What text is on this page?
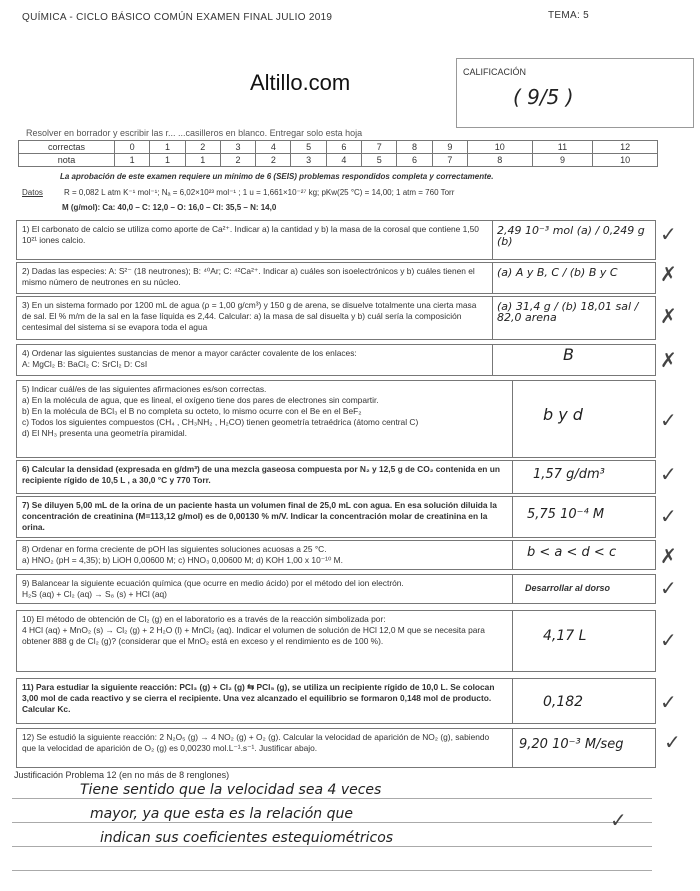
QUÍMICA - CICLO BÁSICO COMÚN EXAMEN FINAL JULIO 2019	TEMA: 5
Altillo.com	CALIFICACIÓN
( 9/5 )
Resolver en borrador y escribir las r... ...casilleros en blanco. Entregar solo esta hoja
correctas	0	1	2	3	4	5	6	7	8	9	10	11	12
nota	1	1	1	2	2	3	4	5	6	7	8	9	10
La aprobación de este examen requiere un mínimo de 6 (SEIS) problemas respondidos completa y correctamente.
Datos	R = 0,082 L atm K⁻¹ mol⁻¹; Nₐ = 6,02×10²³ mol⁻¹ ; 1 u = 1,661×10⁻²⁷ kg; pKw(25 °C) = 14,00; 1 atm = 760 Torr
M (g/mol): Ca: 40,0 – C: 12,0 – O: 16,0 – Cl: 35,5 – N: 14,0
1) El carbonato de calcio se utiliza como aporte de Ca²⁺. Indicar a) la cantidad y b) la masa de la corosal que contiene 1,50 10²¹ iones calcio.
2,49 10⁻³ mol (a) / 0,249 g (b)	✓
2) Dadas las especies: A: S²⁻ (18 neutrones); B: ⁴⁰Ar; C: ⁴²Ca²⁺. Indicar a) cuáles son isoelectrónicos y b) cuáles tienen el mismo número de neutrones en su núcleo.
(a) A y B, C / (b) B y C	✗
3) En un sistema formado por 1200 mL de agua (ρ = 1,00 g/cm³) y 150 g de arena, se disuelve totalmente una cierta masa de sal. El % m/m de la sal en la fase líquida es 2,44. Calcular: a) la masa de sal disuelta y b) cuál sería la composición centesimal del sistema si se evapora toda el agua
(a) 31,4 g / (b) 18,01 sal / 82,0 arena	✗
4) Ordenar las siguientes sustancias de menor a mayor carácter covalente de los enlaces:
A: MgCl₂ B: BaCl₂ C: SrCl₂ D: CsI	B	✗
5) Indicar cuál/es de las siguientes afirmaciones es/son correctas.
a) En la molécula de agua, que es lineal, el oxígeno tiene dos pares de electrones sin compartir.
b) En la molécula de BCl₃ el B no completa su octeto, lo mismo ocurre con el Be en el BeF₂
c) Todos los siguientes compuestos (CH₄ , CH₃NH₂ , H₂CO) tienen geometría tetraédrica (átomo central C)
d) El NH₃ presenta una geometría piramidal.
b y d	✓
6) Calcular la densidad (expresada en g/dm³) de una mezcla gaseosa compuesta por N₂ y 12,5 g de CO₂ contenida en un recipiente rígido de 10,5 L , a 30,0 °C y 770 Torr.	1,57 g/dm³	✓
7) Se diluyen 5,00 mL de la orina de un paciente hasta un volumen final de 25,0 mL con agua. En esa solución diluida la concentración de creatinina (M=113,12 g/mol) es de 0,00130 % m/V. Indicar la concentración molar de creatinina en la orina.
5,75 10⁻⁴ M	✓
8) Ordenar en forma creciente de pOH las siguientes soluciones acuosas a 25 °C.
a) HNO₂ (pH = 4,35); b) LiOH 0,00600 M; c) HNO₃ 0,00600 M; d) KOH 1,00 x 10⁻¹⁰ M.	b < a < d < c ✗
9) Balancear la siguiente ecuación química (que ocurre en medio ácido) por el método del ion electrón.
H₂S (aq) + Cl₂ (aq) → S₈ (s) + HCl (aq)
Desarrollar al dorso ✓
10) El método de obtención de Cl₂ (g) en el laboratorio es a través de la reacción simbolizada por:
4 HCl (aq) + MnO₂ (s) → Cl₂ (g) + 2 H₂O (l) + MnCl₂ (aq). Indicar el volumen de solución de HCl 12,0 M que se necesita para obtener 888 g de Cl₂ (g)? (considerar que el MnO₂ está en exceso y el rendimiento es de 100 %).	4,17 L	✓
11) Para estudiar la siguiente reacción: PCl₃ (g) + Cl₂ (g) ⇆ PCl₅ (g), se utiliza un recipiente rígido de 10,0 L. Se colocan 3,00 mol de cada reactivo y se cierra el recipiente. Una vez alcanzado el equilibrio se formaron 0,148 mol de producto. Calcular Kc.	0,182	✓
12) Se estudió la siguiente reacción: 2 N₂O₅ (g) → 4 NO₂ (g) + O₂ (g). Calcular la velocidad de aparición de NO₂ (g), sabiendo que la velocidad de aparición de O₂ (g) es 0,00230 mol.L⁻¹.s⁻¹. Justificar abajo.	9,20 10⁻³ M/seg ✓
Justificación Problema 12 (en no más de 8 renglones)
Tiene sentido que la velocidad sea 4 veces
mayor, ya que esta es la relación que
indican sus coeficientes estequiométricos
✓
